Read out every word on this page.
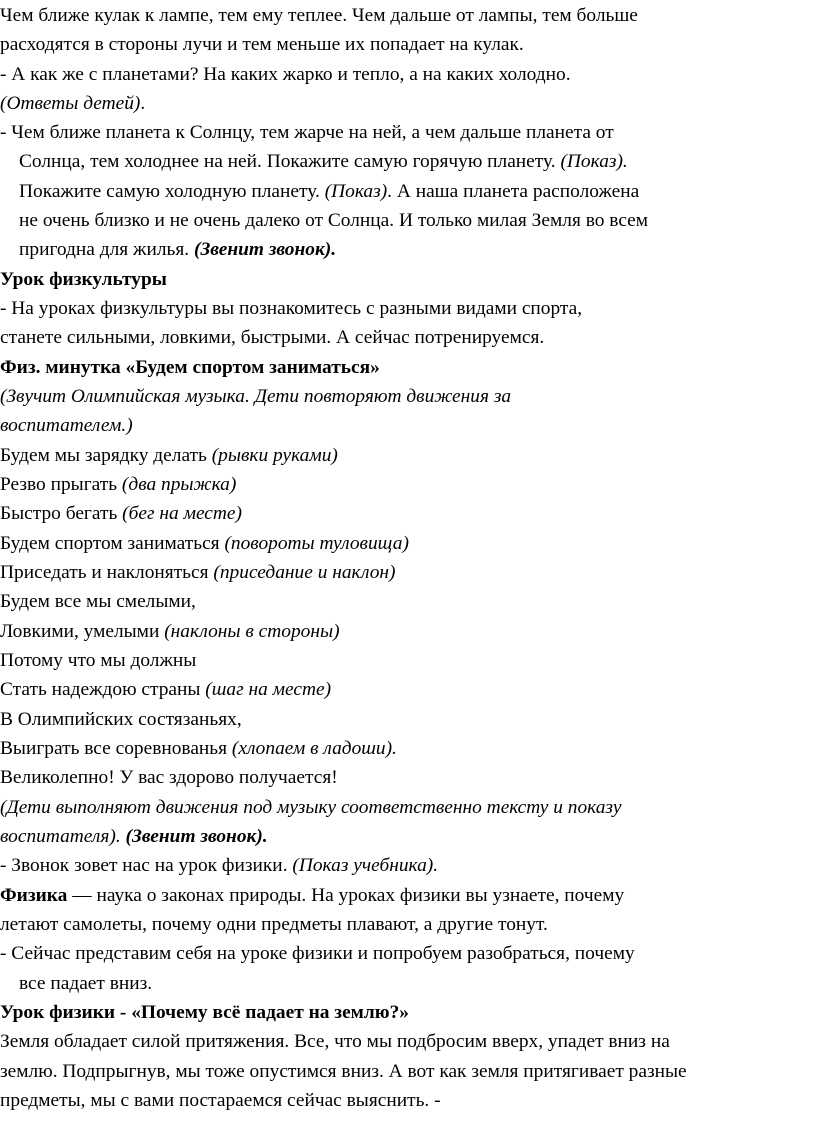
Чем ближе кулак к лампе, тем ему теплее. Чем дальше от лампы, тем больше
расходятся в стороны лучи и тем меньше их попадает на кулак.
- А как же с планетами? На каких жарко и тепло, а на каких холодно.
(Ответы детей).
- Чем ближе планета к Солнцу, тем жарче на ней, а чем дальше планета от
Солнца, тем холоднее на ней. Покажите самую горячую планету. (Показ).
Покажите самую холодную планету. (Показ). А наша планета расположена
не очень близко и не очень далеко от Солнца. И только милая Земля во всем
пригодна для жилья. (Звенит звонок).
Урок физкультуры
- На уроках физкультуры вы познакомитесь с разными видами спорта,
станете сильными, ловкими, быстрыми. А сейчас потренируемся.
Физ. минутка «Будем спортом заниматься»
(Звучит Олимпийская музыка. Дети повторяют движения за
воспитателем.)
Будем мы зарядку делать (рывки руками)
Резво прыгать (два прыжка)
Быстро бегать (бег на месте)
Будем спортом заниматься (повороты туловища)
Приседать и наклоняться (приседание и наклон)
Будем все мы смелыми,
Ловкими, умелыми (наклоны в стороны)
Потому что мы должны
Стать надеждою страны (шаг на месте)
В Олимпийских состязаньях,
Выиграть все соревнованья (хлопаем в ладоши).
Великолепно! У вас здорово получается!
(Дети выполняют движения под музыку соответственно тексту и показу
воспитателя). (Звенит звонок).
- Звонок зовет нас на урок физики. (Показ учебника).
Физика — наука о законах природы. На уроках физики вы узнаете, почему
летают самолеты, почему одни предметы плавают, а другие тонут.
- Сейчас представим себя на уроке физики и попробуем разобраться, почему
все падает вниз.
Урок физики - «Почему всё падает на землю?»
Земля обладает силой притяжения. Все, что мы подбросим вверх, упадет вниз на
землю. Подпрыгнув, мы тоже опустимся вниз. А вот как земля притягивает разные
предметы, мы с вами постараемся сейчас выяснить. -
